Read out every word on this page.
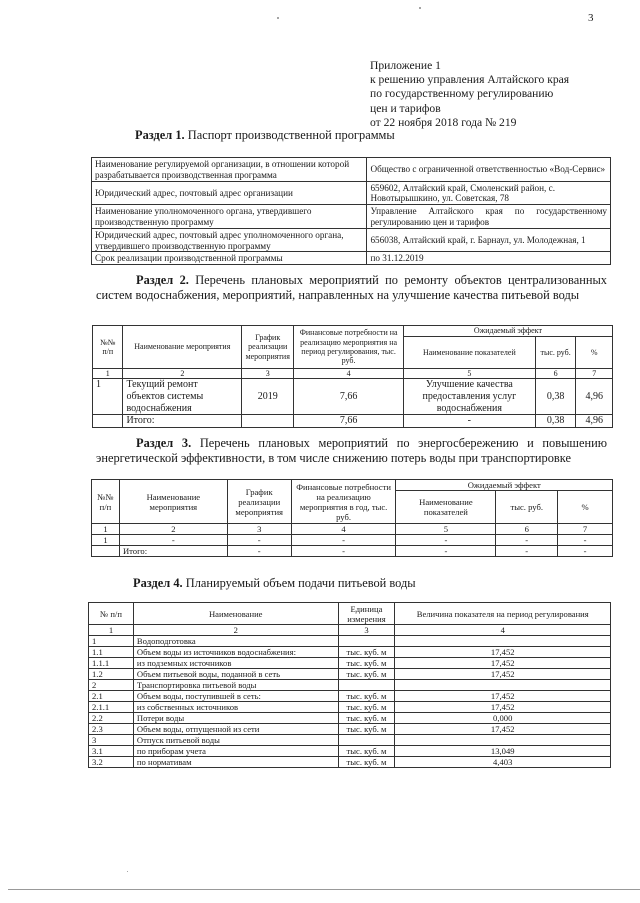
3
Приложение 1
к решению управления Алтайского края
по государственному регулированию
цен и тарифов
от 22 ноября 2018 года № 219
Раздел 1. Паспорт производственной программы
Наименование регулируемой организации, в отношении которой разрабатывается производственная программа	Общество с ограниченной ответственностью «Вод-Сервис»
Юридический адрес, почтовый адрес организации	659602, Алтайский край, Смоленский район, с. Новотырышкино, ул. Советская, 78
Наименование уполномоченного органа, утвердившего производственную программу	Управление Алтайского края по государственному регулированию цен и тарифов
Юридический адрес, почтовый адрес уполномоченного органа, утвердившего производственную программу	656038, Алтайский край, г. Барнаул, ул. Молодежная, 1
Срок реализации производственной программы	по 31.12.2019
Раздел 2. Перечень плановых мероприятий по ремонту объектов централизованных систем водоснабжения, мероприятий, направленных на улучшение качества питьевой воды
№№ п/п	Наименование мероприятия	График реализации мероприятия	Финансовые потребности на реализацию мероприятия на период регулирования, тыс. руб.	Ожидаемый эффект		
				Наименование показателей	тыс. руб.	%
1	2	3	4	5	6	7
1	Текущий ремонт объектов системы водоснабжения	2019	7,66	Улучшение качества предоставления услуг водоснабжения	0,38	4,96
	Итого:		7,66	-	0,38	4,96
Раздел 3. Перечень плановых мероприятий по энергосбережению и повышению энергетической эффективности, в том числе снижению потерь воды при транспортировке
№№ п/п	Наименование мероприятия	График реализации мероприятия	Финансовые потребности на реализацию мероприятия в год, тыс. руб.	Ожидаемый эффект		
				Наименование показателей	тыс. руб.	%
1	2	3	4	5	6	7
1	-	-	-	-	-	-
	Итого:	-	-	-	-	-
Раздел 4. Планируемый объем подачи питьевой воды
№ п/п	Наименование	Единица измерения	Величина показателя на период регулирования
1	2	3	4
1	Водоподготовка		
1.1	Объем воды из источников водоснабжения:	тыс. куб. м	17,452
1.1.1	из подземных источников	тыс. куб. м	17,452
1.2	Объем питьевой воды, поданной в сеть	тыс. куб. м	17,452
2	Транспортировка питьевой воды		
2.1	Объем воды, поступившей в сеть:	тыс. куб. м	17,452
2.1.1	из собственных источников	тыс. куб. м	17,452
2.2	Потери воды	тыс. куб. м	0,000
2.3	Объем воды, отпущенной из сети	тыс. куб. м	17,452
3	Отпуск питьевой воды		
3.1	по приборам учета	тыс. куб. м	13,049
3.2	по нормативам	тыс. куб. м	4,403
